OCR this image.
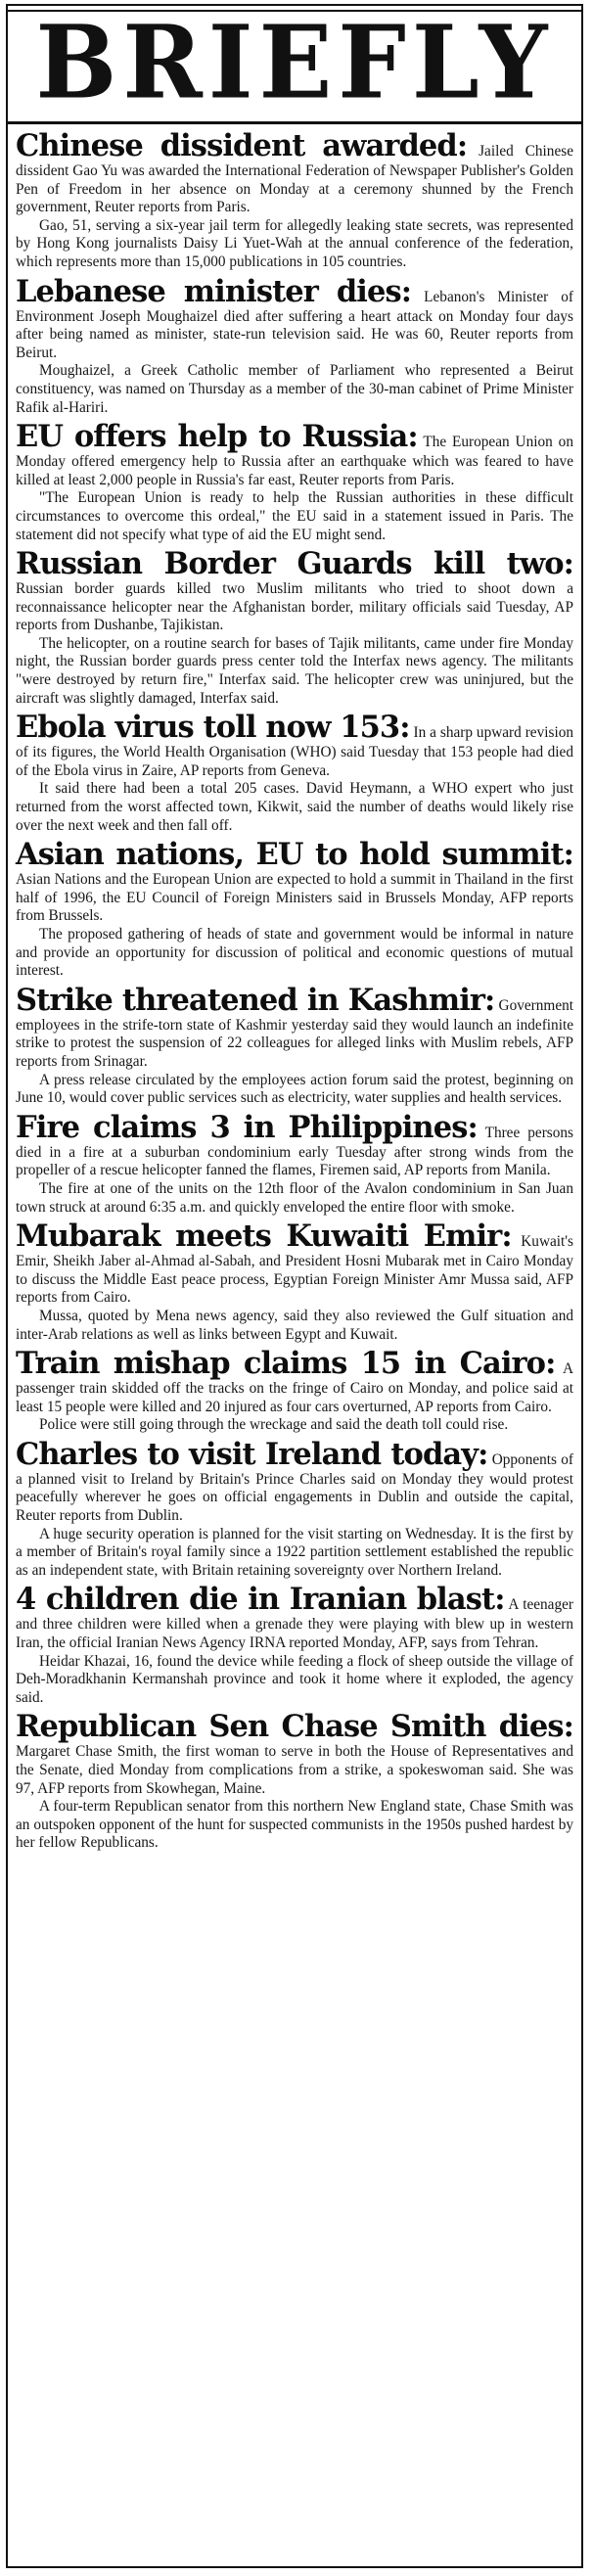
BRIEFLY

Chinese dissident awarded: Jailed Chinese dissident Gao Yu was awarded the International Federation of Newspaper Publisher's Golden Pen of Freedom in her absence on Monday at a ceremony shunned by the French government, Reuter reports from Paris.

Gao, 51, serving a six-year jail term for allegedly leaking state secrets, was represented by Hong Kong journalists Daisy Li Yuet-Wah at the annual conference of the federation, which represents more than 15,000 publications in 105 countries.

Lebanese minister dies: Lebanon's Minister of Environment Joseph Moughaizel died after suffering a heart attack on Monday four days after being named as minister, state-run television said. He was 60, Reuter reports from Beirut.

Moughaizel, a Greek Catholic member of Parliament who represented a Beirut constituency, was named on Thursday as a member of the 30-man cabinet of Prime Minister Rafik al-Hariri.

EU offers help to Russia: The European Union on Monday offered emergency help to Russia after an earthquake which was feared to have killed at least 2,000 people in Russia's far east, Reuter reports from Paris.

"The European Union is ready to help the Russian authorities in these difficult circumstances to overcome this ordeal," the EU said in a statement issued in Paris. The statement did not specify what type of aid the EU might send.

Russian Border Guards kill two: Russian border guards killed two Muslim militants who tried to shoot down a reconnaissance helicopter near the Afghanistan border, military officials said Tuesday, AP reports from Dushanbe, Tajikistan.

The helicopter, on a routine search for bases of Tajik militants, came under fire Monday night, the Russian border guards press center told the Interfax news agency. The militants "were destroyed by return fire," Interfax said. The helicopter crew was uninjured, but the aircraft was slightly damaged, Interfax said.

Ebola virus toll now 153: In a sharp upward revision of its figures, the World Health Organisation (WHO) said Tuesday that 153 people had died of the Ebola virus in Zaire, AP reports from Geneva.

It said there had been a total 205 cases. David Heymann, a WHO expert who just returned from the worst affected town, Kikwit, said the number of deaths would likely rise over the next week and then fall off.

Asian nations, EU to hold summit: Asian Nations and the European Union are expected to hold a summit in Thailand in the first half of 1996, the EU Council of Foreign Ministers said in Brussels Monday, AFP reports from Brussels.

The proposed gathering of heads of state and government would be informal in nature and provide an opportunity for discussion of political and economic questions of mutual interest.

Strike threatened in Kashmir: Government employees in the strife-torn state of Kashmir yesterday said they would launch an indefinite strike to protest the suspension of 22 colleagues for alleged links with Muslim rebels, AFP reports from Srinagar.

A press release circulated by the employees action forum said the protest, beginning on June 10, would cover public services such as electricity, water supplies and health services.

Fire claims 3 in Philippines: Three persons died in a fire at a suburban condominium early Tuesday after strong winds from the propeller of a rescue helicopter fanned the flames, Firemen said, AP reports from Manila.

The fire at one of the units on the 12th floor of the Avalon condominium in San Juan town struck at around 6:35 a.m. and quickly enveloped the entire floor with smoke.

Mubarak meets Kuwaiti Emir: Kuwait's Emir, Sheikh Jaber al-Ahmad al-Sabah, and President Hosni Mubarak met in Cairo Monday to discuss the Middle East peace process, Egyptian Foreign Minister Amr Mussa said, AFP reports from Cairo.

Mussa, quoted by Mena news agency, said they also reviewed the Gulf situation and inter-Arab relations as well as links between Egypt and Kuwait.

Train mishap claims 15 in Cairo: A passenger train skidded off the tracks on the fringe of Cairo on Monday, and police said at least 15 people were killed and 20 injured as four cars overturned, AP reports from Cairo.

Police were still going through the wreckage and said the death toll could rise.

Charles to visit Ireland today: Opponents of a planned visit to Ireland by Britain's Prince Charles said on Monday they would protest peacefully wherever he goes on official engagements in Dublin and outside the capital, Reuter reports from Dublin.

A huge security operation is planned for the visit starting on Wednesday. It is the first by a member of Britain's royal family since a 1922 partition settlement established the republic as an independent state, with Britain retaining sovereignty over Northern Ireland.

4 children die in Iranian blast: A teenager and three children were killed when a grenade they were playing with blew up in western Iran, the official Iranian News Agency IRNA reported Monday, AFP, says from Tehran.

Heidar Khazai, 16, found the device while feeding a flock of sheep outside the village of Deh-Moradkhanin Kermanshah province and took it home where it exploded, the agency said.

Republican Sen Chase Smith dies: Margaret Chase Smith, the first woman to serve in both the House of Representatives and the Senate, died Monday from complications from a strike, a spokeswoman said. She was 97, AFP reports from Skowhegan, Maine.

A four-term Republican senator from this northern New England state, Chase Smith was an outspoken opponent of the hunt for suspected communists in the 1950s pushed hardest by her fellow Republicans.
